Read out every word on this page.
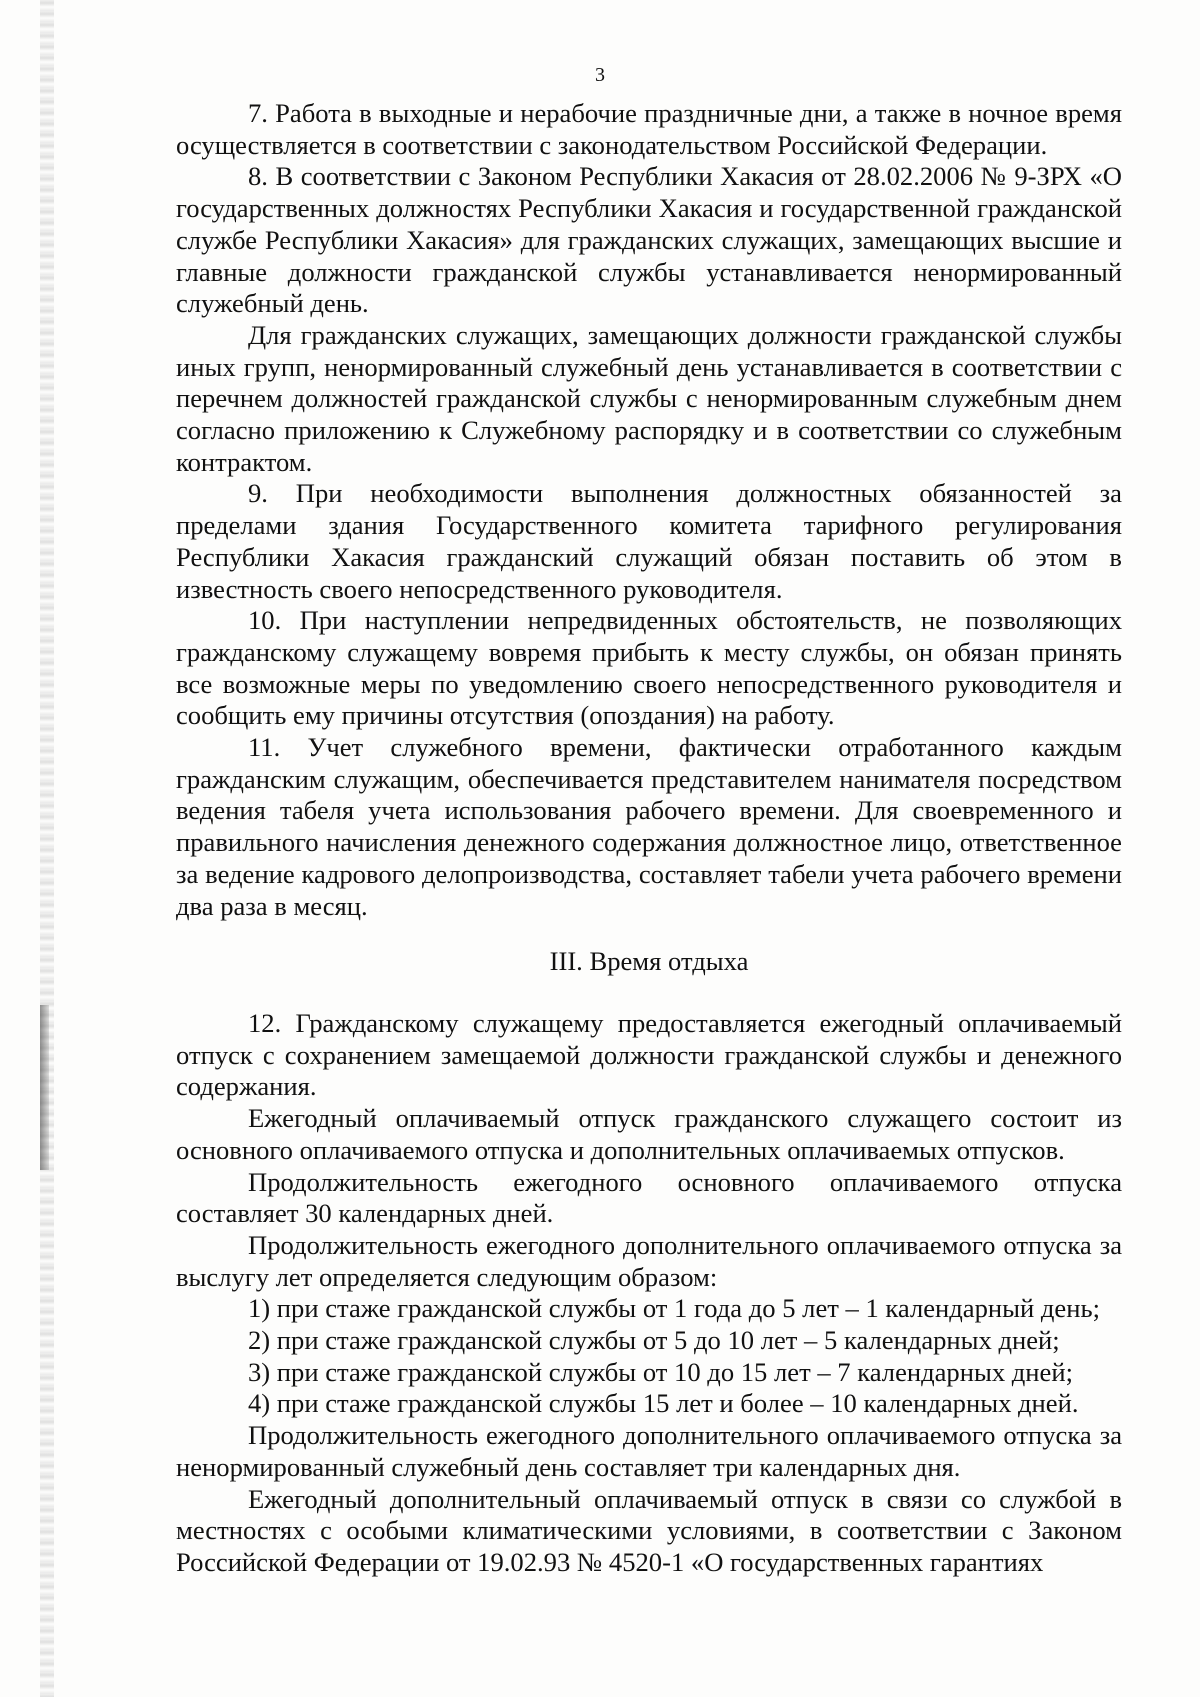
3

7. Работа в выходные и нерабочие праздничные дни, а также в ночное время осуществляется в соответствии с законодательством Российской Федерации.

8. В соответствии с Законом Республики Хакасия от 28.02.2006 № 9-ЗРХ «О государственных должностях Республики Хакасия и государственной гражданской службе Республики Хакасия» для гражданских служащих, замещающих высшие и главные должности гражданской службы устанавливается ненормированный служебный день.

Для гражданских служащих, замещающих должности гражданской службы иных групп, ненормированный служебный день устанавливается в соответствии с перечнем должностей гражданской службы с ненормированным служебным днем согласно приложению к Служебному распорядку и в соответствии со служебным контрактом.

9. При необходимости выполнения должностных обязанностей за пределами здания Государственного комитета тарифного регулирования Республики Хакасия гражданский служащий обязан поставить об этом в известность своего непосредственного руководителя.

10. При наступлении непредвиденных обстоятельств, не позволяющих гражданскому служащему вовремя прибыть к месту службы, он обязан принять все возможные меры по уведомлению своего непосредственного руководителя и сообщить ему причины отсутствия (опоздания) на работу.

11. Учет служебного времени, фактически отработанного каждым гражданским служащим, обеспечивается представителем нанимателя посредством ведения табеля учета использования рабочего времени. Для своевременного и правильного начисления денежного содержания должностное лицо, ответственное за ведение кадрового делопроизводства, составляет табели учета рабочего времени два раза в месяц.

III. Время отдыха

12. Гражданскому служащему предоставляется ежегодный оплачиваемый отпуск с сохранением замещаемой должности гражданской службы и денежного содержания.

Ежегодный оплачиваемый отпуск гражданского служащего состоит из основного оплачиваемого отпуска и дополнительных оплачиваемых отпусков.

Продолжительность ежегодного основного оплачиваемого отпуска составляет 30 календарных дней.

Продолжительность ежегодного дополнительного оплачиваемого отпуска за выслугу лет определяется следующим образом:

1) при стаже гражданской службы от 1 года до 5 лет – 1 календарный день;

2) при стаже гражданской службы от 5 до 10 лет – 5 календарных дней;

3) при стаже гражданской службы от 10 до 15 лет – 7 календарных дней;

4) при стаже гражданской службы 15 лет и более – 10 календарных дней.

Продолжительность ежегодного дополнительного оплачиваемого отпуска за ненормированный служебный день составляет три календарных дня.

Ежегодный дополнительный оплачиваемый отпуск в связи со службой в местностях с особыми климатическими условиями, в соответствии с Законом Российской Федерации от 19.02.93 № 4520-1 «О государственных гарантиях
